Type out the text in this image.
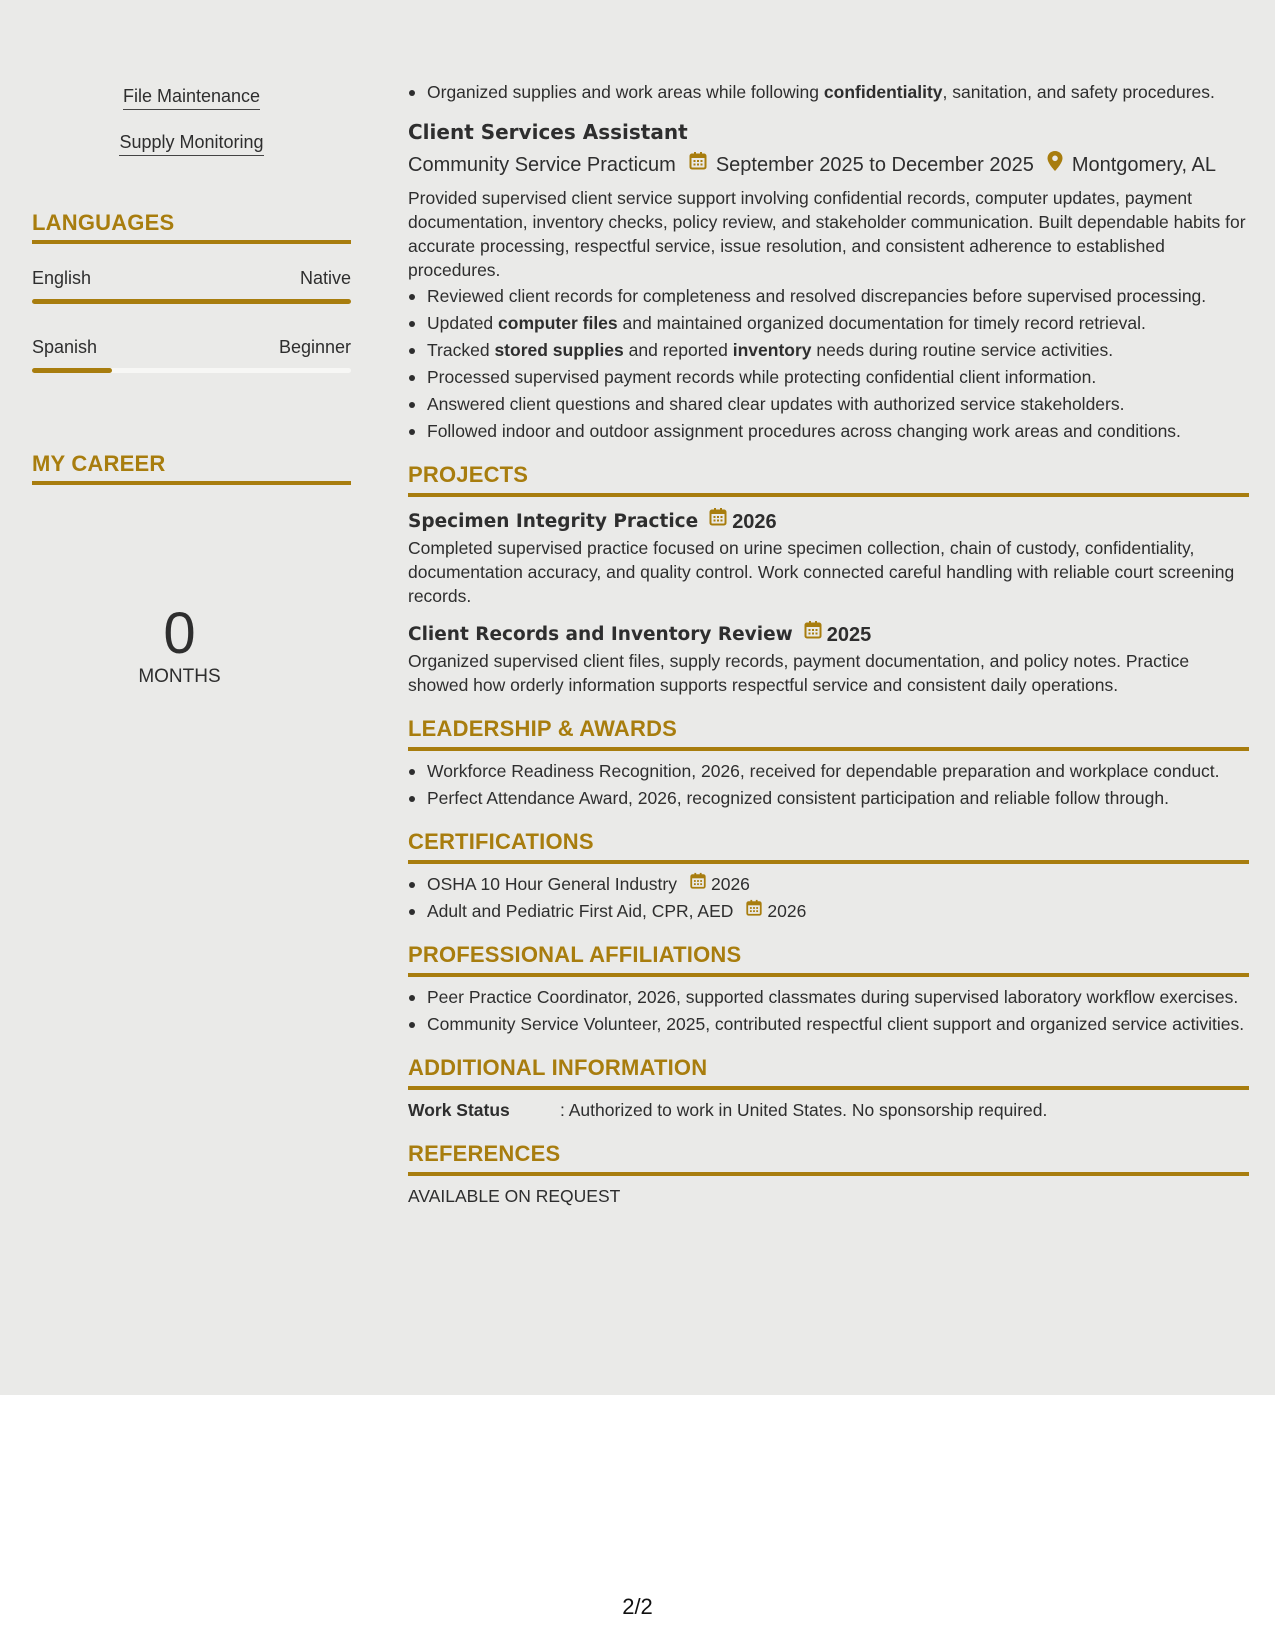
File Maintenance
Supply Monitoring
LANGUAGES
English	Native
Spanish	Beginner
MY CAREER
0
MONTHS
Organized supplies and work areas while following confidentiality, sanitation, and safety procedures.
Client Services Assistant
Community Service Practicum September 2025 to December 2025 Montgomery, AL

Provided supervised client service support involving confidential records, computer updates, payment documentation, inventory checks, policy review, and stakeholder communication. Built dependable habits for accurate processing, respectful service, issue resolution, and consistent adherence to established procedures.

Reviewed client records for completeness and resolved discrepancies before supervised processing.
Updated computer files and maintained organized documentation for timely record retrieval.
Tracked stored supplies and reported inventory needs during routine service activities.
Processed supervised payment records while protecting confidential client information.
Answered client questions and shared clear updates with authorized service stakeholders.
Followed indoor and outdoor assignment procedures across changing work areas and conditions.
PROJECTS
Specimen Integrity Practice 2026

Completed supervised practice focused on urine specimen collection, chain of custody, confidentiality, documentation accuracy, and quality control. Work connected careful handling with reliable court screening records.

Client Records and Inventory Review 2025

Organized supervised client files, supply records, payment documentation, and policy notes. Practice showed how orderly information supports respectful service and consistent daily operations.

LEADERSHIP & AWARDS
Workforce Readiness Recognition, 2026, received for dependable preparation and workplace conduct.
Perfect Attendance Award, 2026, recognized consistent participation and reliable follow through.
CERTIFICATIONS
OSHA 10 Hour General Industry 2026
Adult and Pediatric First Aid, CPR, AED 2026
PROFESSIONAL AFFILIATIONS
Peer Practice Coordinator, 2026, supported classmates during supervised laboratory workflow exercises.
Community Service Volunteer, 2025, contributed respectful client support and organized service activities.
ADDITIONAL INFORMATION
Work Status	: Authorized to work in United States. No sponsorship required.
REFERENCES
AVAILABLE ON REQUEST
2/2
